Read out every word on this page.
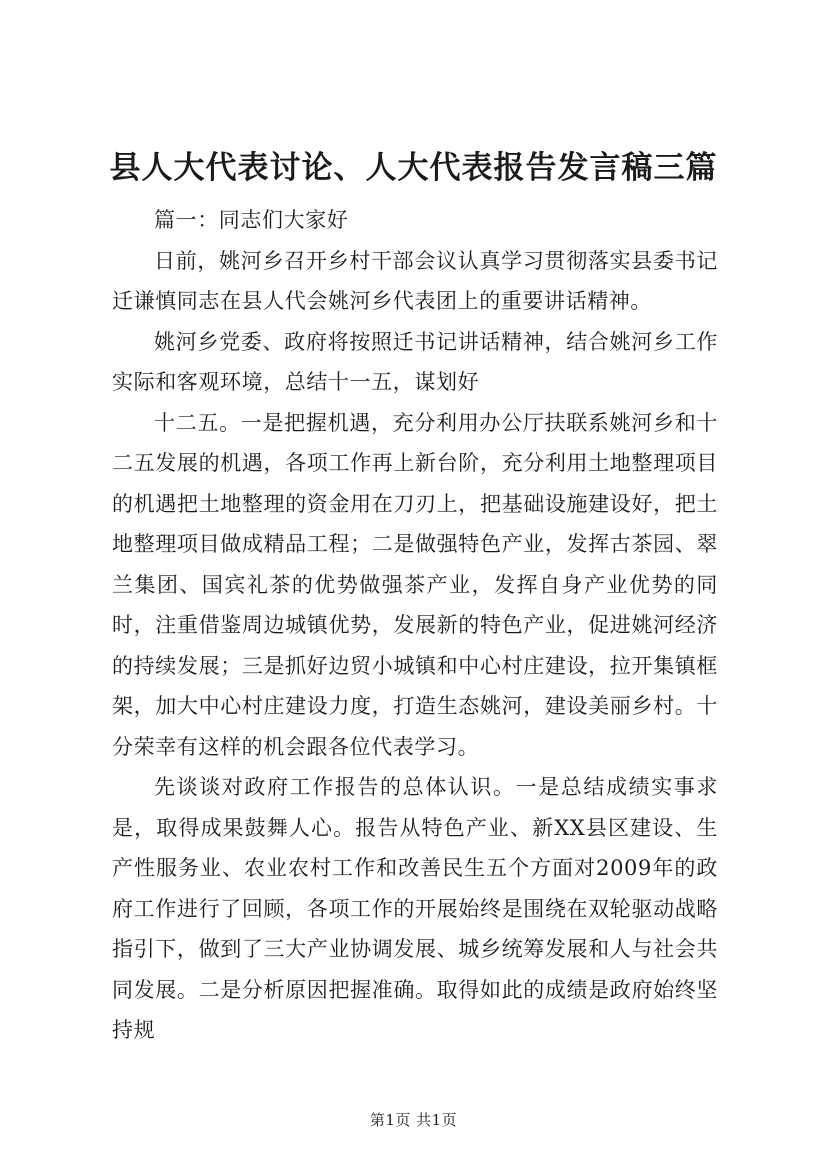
县人大代表讨论、人大代表报告发言稿三篇

篇一：同志们大家好

日前，姚河乡召开乡村干部会议认真学习贯彻落实县委书记迁谦慎同志在县人代会姚河乡代表团上的重要讲话精神。

姚河乡党委、政府将按照迁书记讲话精神，结合姚河乡工作实际和客观环境，总结十一五，谋划好

十二五。一是把握机遇，充分利用办公厅扶联系姚河乡和十二五发展的机遇，各项工作再上新台阶，充分利用土地整理项目的机遇把土地整理的资金用在刀刃上，把基础设施建设好，把土地整理项目做成精品工程；二是做强特色产业，发挥古茶园、翠兰集团、国宾礼茶的优势做强茶产业，发挥自身产业优势的同时，注重借鉴周边城镇优势，发展新的特色产业，促进姚河经济的持续发展；三是抓好边贸小城镇和中心村庄建设，拉开集镇框架，加大中心村庄建设力度，打造生态姚河，建设美丽乡村。十分荣幸有这样的机会跟各位代表学习。

先谈谈对政府工作报告的总体认识。一是总结成绩实事求是，取得成果鼓舞人心。报告从特色产业、新XX县区建设、生产性服务业、农业农村工作和改善民生五个方面对2009年的政府工作进行了回顾，各项工作的开展始终是围绕在双轮驱动战略指引下，做到了三大产业协调发展、城乡统筹发展和人与社会共同发展。二是分析原因把握准确。取得如此的成绩是政府始终坚持规

第1页 共1页
